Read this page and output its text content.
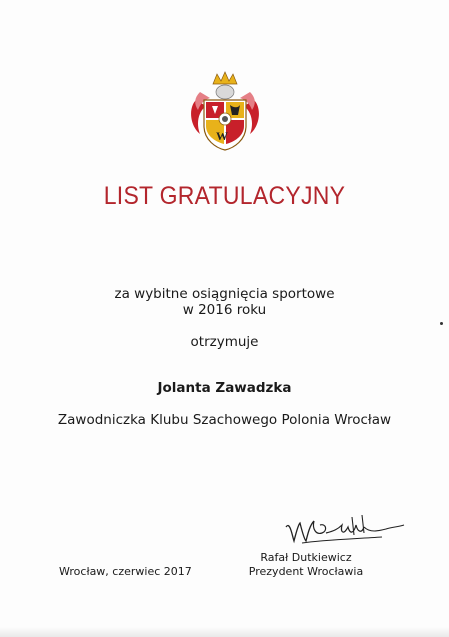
W
LIST GRATULACYJNY
za wybitne osiągnięcia sportowe
w 2016 roku
otrzymuje
Jolanta Zawadzka
Zawodniczka Klubu Szachowego Polonia Wrocław
Rafał Dutkiewicz
Prezydent Wrocławia
Wrocław, czerwiec 2017
